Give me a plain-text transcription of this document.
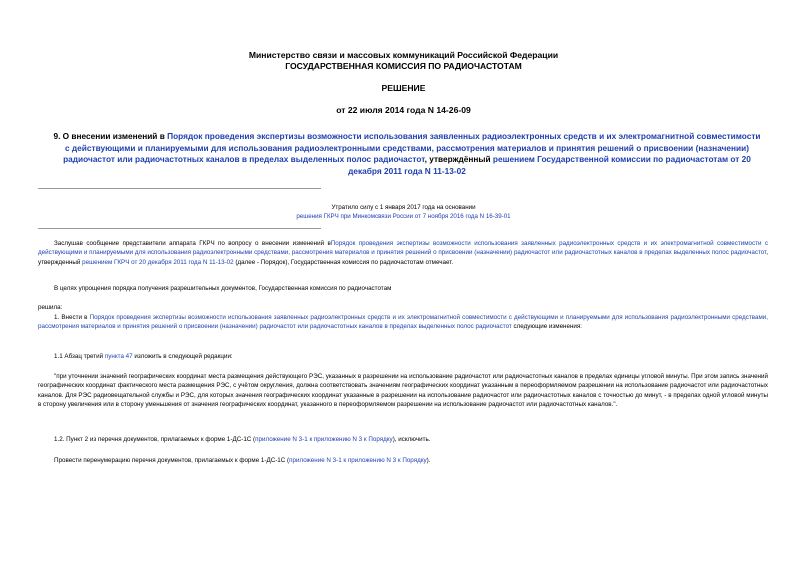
Министерство связи и массовых коммуникаций Российской Федерации
ГОСУДАРСТВЕННАЯ КОМИССИЯ ПО РАДИОЧАСТОТАМ
РЕШЕНИЕ
от 22 июля 2014 года N 14-26-09
9. О внесении изменений в Порядок проведения экспертизы возможности использования заявленных радиоэлектронных средств и их электромагнитной совместимости с действующими и планируемыми для использования радиоэлектронными средствами, рассмотрения материалов и принятия решений о присвоении (назначении) радиочастот или радиочастотных каналов в пределах выделенных полос радиочастот, утверждённый решением Государственной комиссии по радиочастотам от 20 декабря 2011 года N 11-13-02
Утратило силу с 1 января 2017 года на основании
решения ГКРЧ при Минкомсвязи России от 7 ноября 2016 года N 16-39-01
Заслушав сообщение представители аппарата ГКРЧ по вопросу о внесении изменений вПорядок проведения экспертизы возможности использования заявленных радиоэлектронных средств и их электромагнитной совместимости с действующими и планируемыми для использования радиоэлектронными средствами, рассмотрения материалов и принятия решений о присвоении (назначении) радиочастот или радиочастотных каналов в пределах выделенных полос радиочастот, утвержденный решением ГКРЧ от 20 декабря 2011 года N 11-13-02 (далее - Порядок), Государственная комиссия по радиочастотам отмечает.
В целях упрощения порядка получения разрешительных документов, Государственная комиссия по радиочастотам
решила:
1. Внести в Порядок проведения экспертизы возможности использования заявленных радиоэлектронных средств и их электромагнитной совместимости с действующими и планируемыми для использования радиоэлектронными средствами, рассмотрения материалов и принятия решений о присвоении (назначении) радиочастот или радиочастотных каналов в пределах выделенных полос радиочастот следующие изменения:
1.1 Абзац третий пункта 47 изложить в следующей редакции:
"при уточнении значений географических координат места размещения действующего РЭС, указанных в разрешении на использование радиочастот или радиочастотных каналов в пределах единицы угловой минуты. При этом запись значений географических координат фактического места размещения РЭС, с учётом округления, должна соответствовать значениям географических координат указанным в переоформляемом разрешении на использование радиочастот или радиочастотных каналов. Для РЭС радиовещательной службы и РЭС, для которых значения географических координат указанные в разрешении на использование радиочастот или радиочастотных каналов с точностью до минут, - в пределах одной угловой минуты в сторону увеличения или в сторону уменьшения от значения географических координат, указанного в переоформляемом разрешении на использование радиочастот или радиочастотных каналов.".
1.2. Пункт 2 из перечня документов, прилагаемых к форме 1-ДС-1С (приложение N 3-1 к приложению N 3 к Порядку), исключить.
Провести перенумерацию перечня документов, прилагаемых к форме 1-ДС-1С (приложение N 3-1 к приложению N 3 к Порядку).
